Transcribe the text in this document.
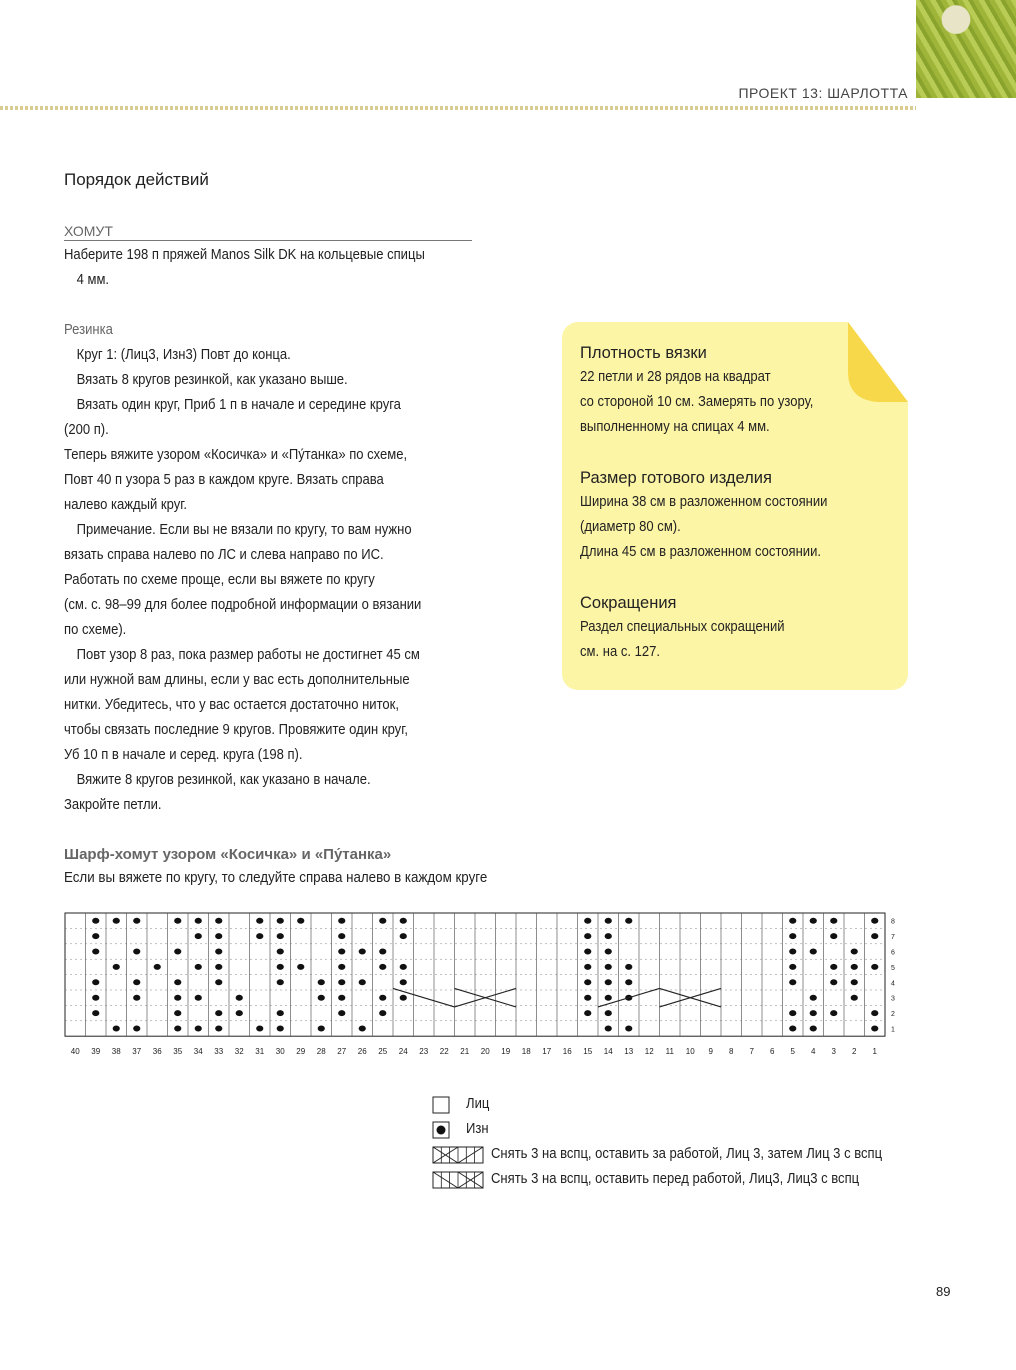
ПРОЕКТ 13: ШАРЛОТТА
Порядок действий
ХОМУТ

Наберите 198 п пряжей Manos Silk DK на кольцевые спицы

4 мм.

Резинка

Круг 1: (Лиц3, Изн3) Повт до конца.

Вязать 8 кругов резинкой, как указано выше.

Вязать один круг, Приб 1 п в начале и середине круга

(200 п).

Теперь вяжите узором «Косичка» и «Пу́танка» по схеме,

Повт 40 п узора 5 раз в каждом круге. Вязать справа

налево каждый круг.

Примечание. Если вы не вязали по кругу, то вам нужно

вязать справа налево по ЛС и слева направо по ИС.

Работать по схеме проще, если вы вяжете по кругу

(см. с. 98–99 для более подробной информации о вязании

по схеме).

Повт узор 8 раз, пока размер работы не достигнет 45 см

или нужной вам длины, если у вас есть дополнительные

нитки. Убедитесь, что у вас остается достаточно ниток,

чтобы связать последние 9 кругов. Провяжите один круг,

Уб 10 п в начале и серед. круга (198 п).

Вяжите 8 кругов резинкой, как указано в начале.

Закройте петли.

Плотность вязки
22 петли и 28 рядов на квадрат
со стороной 10 см. Замерять по узору,
выполненному на спицах 4 мм.
Размер готового изделия
Ширина 38 см в разложенном состоянии
(диаметр 80 см).
Длина 45 см в разложенном состоянии.
Сокращения
Раздел специальных сокращений
см. на с. 127.
Шарф-хомут узором «Косичка» и «Пу́танка»
Если вы вяжете по кругу, то следуйте справа налево в каждом круге
40 39 38 37 36 35 34 33 32 31 30 29 28 27 26 25 24 23 22 21 20 19 18 17 16 15 14 13 12 11 10 9 8 7 6 5 4 3 2 1
8
7
6
5
4
3
2
1
Лиц
Изн
Снять 3 на вспц, оставить за работой, Лиц 3, затем Лиц 3 с вспц
Снять 3 на вспц, оставить перед работой, Лиц3, Лиц3 с вспц
89
